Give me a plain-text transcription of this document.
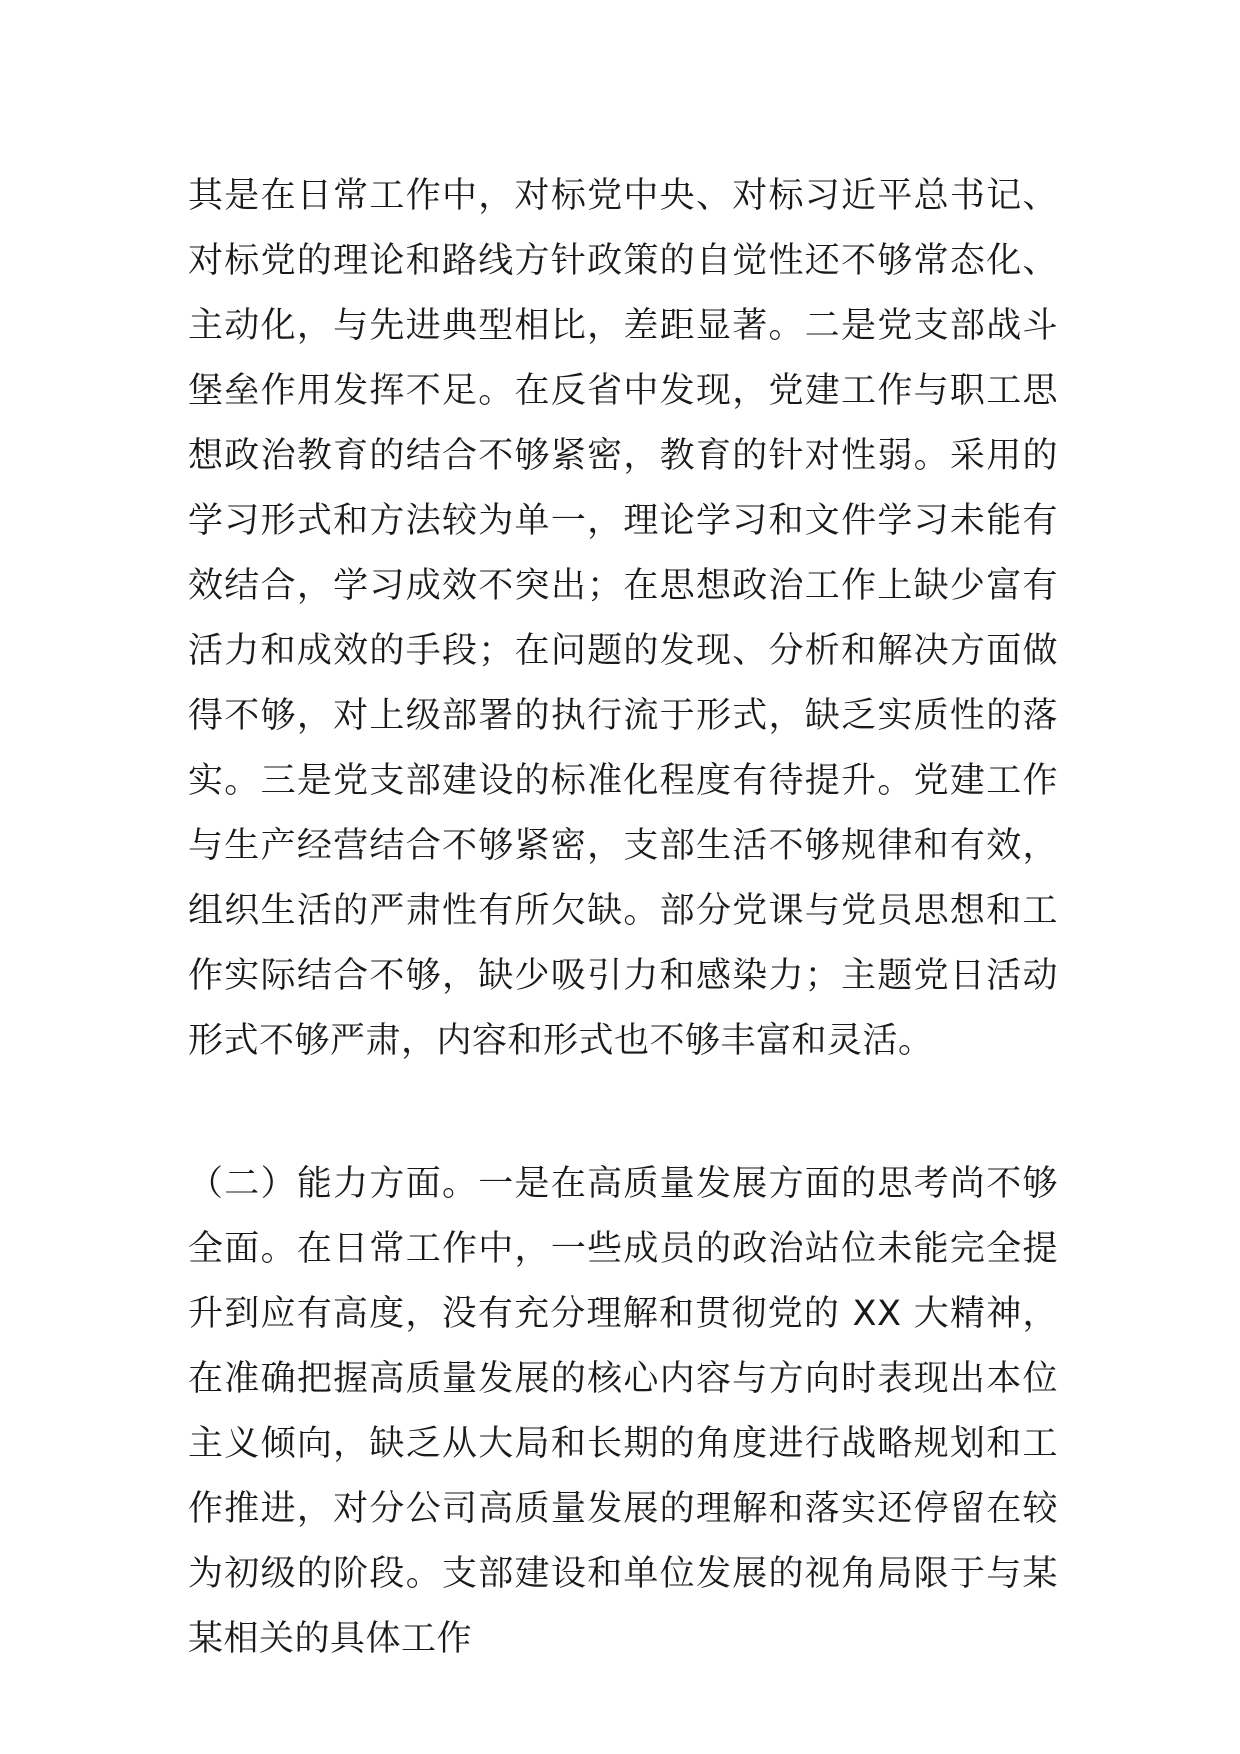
其是在日常工作中，对标党中央、对标习近平总书记、对标党的理论和路线方针政策的自觉性还不够常态化、主动化，与先进典型相比，差距显著。二是党支部战斗堡垒作用发挥不足。在反省中发现，党建工作与职工思想政治教育的结合不够紧密，教育的针对性弱。采用的学习形式和方法较为单一，理论学习和文件学习未能有效结合，学习成效不突出；在思想政治工作上缺少富有活力和成效的手段；在问题的发现、分析和解决方面做得不够，对上级部署的执行流于形式，缺乏实质性的落实。三是党支部建设的标准化程度有待提升。党建工作与生产经营结合不够紧密，支部生活不够规律和有效，组织生活的严肃性有所欠缺。部分党课与党员思想和工作实际结合不够，缺少吸引力和感染力；主题党日活动形式不够严肃，内容和形式也不够丰富和灵活。

（二）能力方面。一是在高质量发展方面的思考尚不够全面。在日常工作中，一些成员的政治站位未能完全提升到应有高度，没有充分理解和贯彻党的 XX 大精神，在准确把握高质量发展的核心内容与方向时表现出本位主义倾向，缺乏从大局和长期的角度进行战略规划和工作推进，对分公司高质量发展的理解和落实还停留在较为初级的阶段。支部建设和单位发展的视角局限于与某某相关的具体工作
